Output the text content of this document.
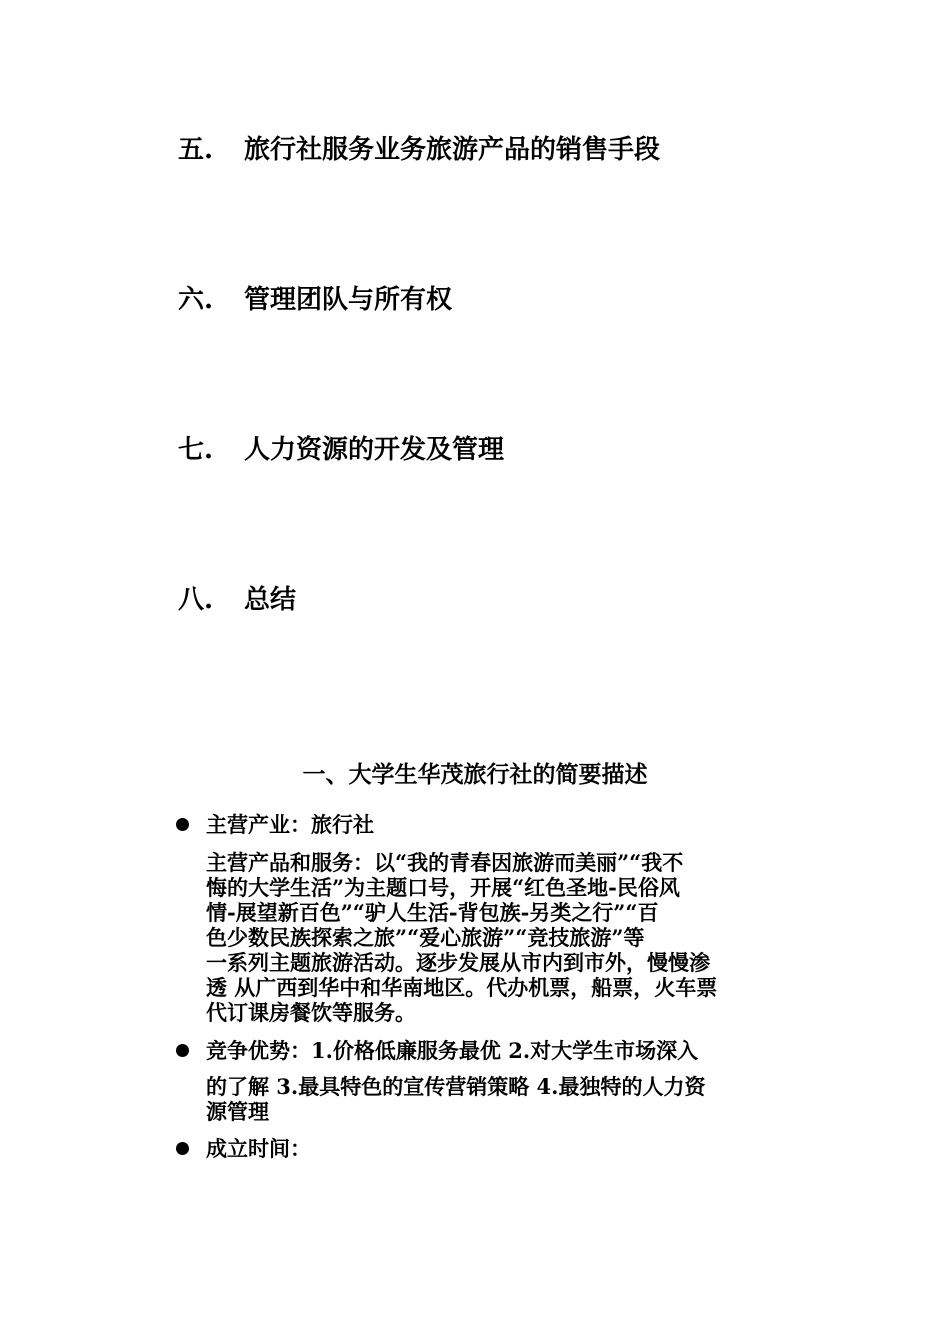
五. 旅行社服务业务旅游产品的销售手段
六. 管理团队与所有权
七. 人力资源的开发及管理
八. 总结
一、大学生华茂旅行社的简要描述
主营产业：旅行社
主营产品和服务：以“我的青春因旅游而美丽”“我不
悔的大学生活”为主题口号，开展“红色圣地-民俗风
情-展望新百色”“驴人生活-背包族-另类之行”“百
色少数民族探索之旅”“爱心旅游”“竞技旅游”等
一系列主题旅游活动。逐步发展从市内到市外，慢慢渗
透 从广西到华中和华南地区。代办机票，船票，火车票
代订课房餐饮等服务。
竞争优势：1.价格低廉服务最优 2.对大学生市场深入
的了解 3.最具特色的宣传营销策略 4.最独特的人力资
源管理
成立时间：
